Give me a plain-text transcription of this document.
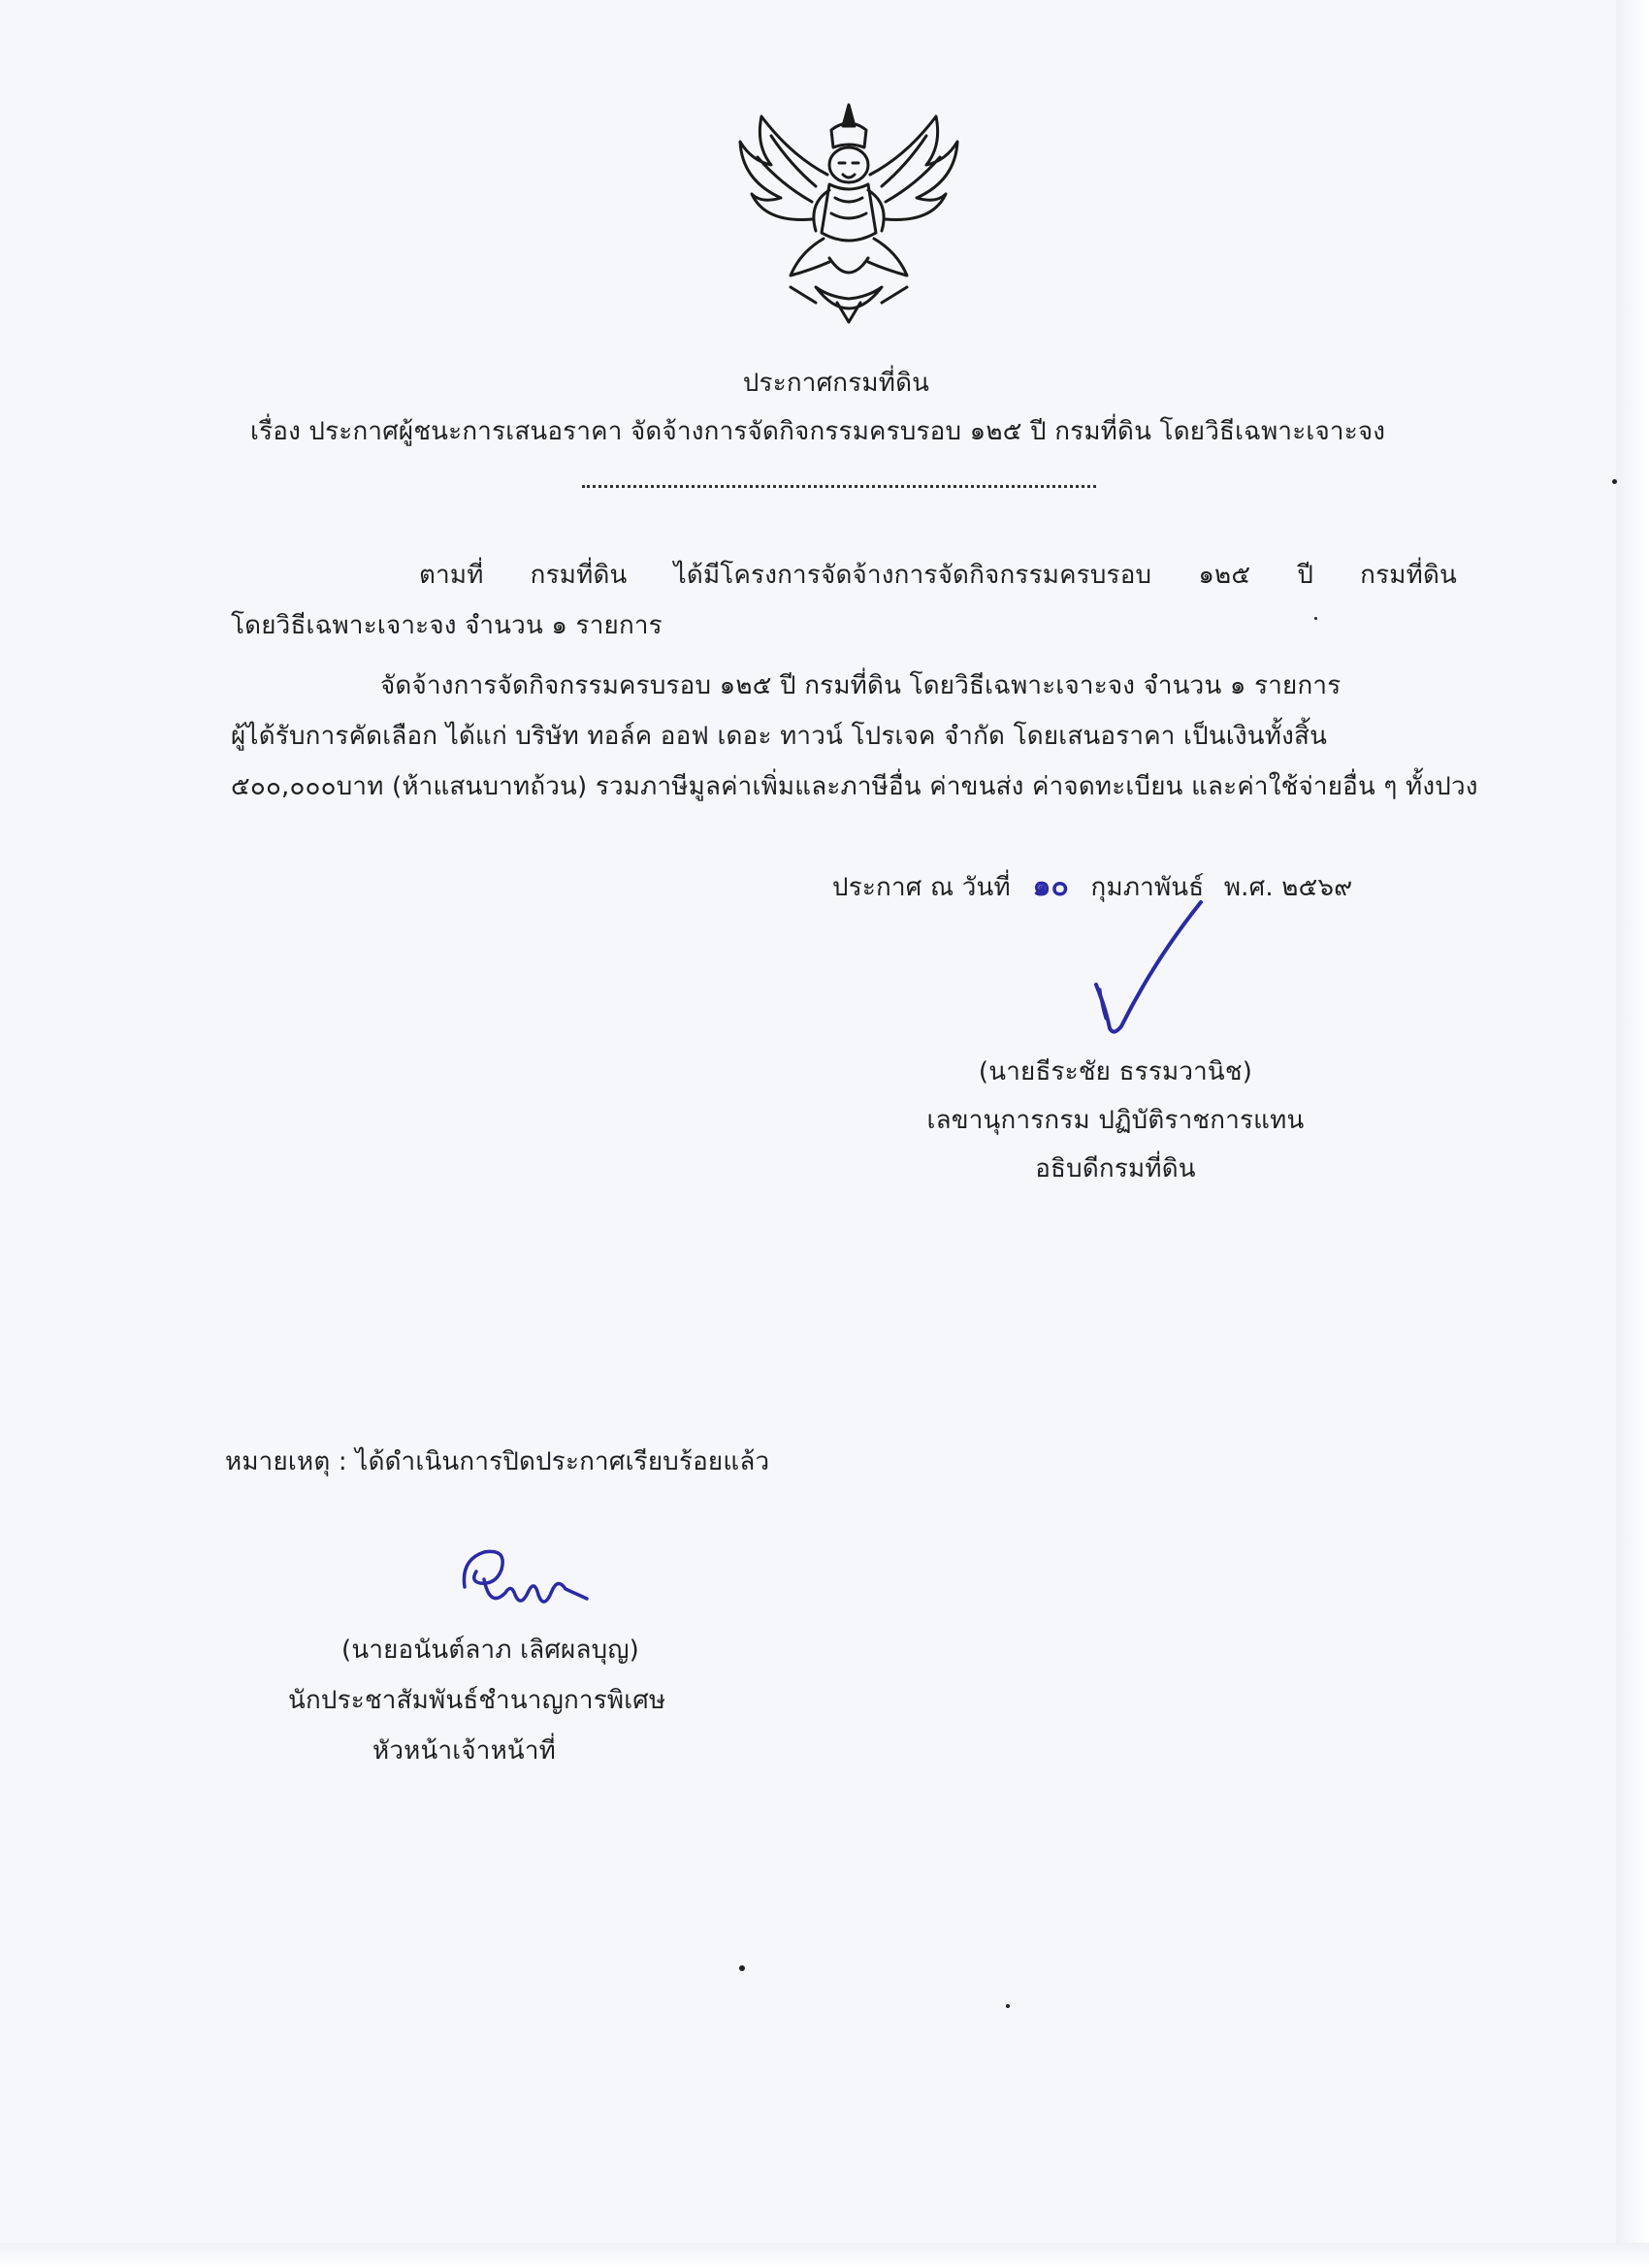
ประกาศกรมที่ดิน
เรื่อง ประกาศผู้ชนะการเสนอราคา จัดจ้างการจัดกิจกรรมครบรอบ ๑๒๕ ปี กรมที่ดิน โดยวิธีเฉพาะเจาะจง
ตามที่ กรมที่ดิน ได้มีโครงการจัดจ้างการจัดกิจกรรมครบรอบ ๑๒๕ ปี กรมที่ดิน
โดยวิธีเฉพาะเจาะจง จำนวน ๑ รายการ
จัดจ้างการจัดกิจกรรมครบรอบ ๑๒๕ ปี กรมที่ดิน โดยวิธีเฉพาะเจาะจง จำนวน ๑ รายการ
ผู้ได้รับการคัดเลือก ได้แก่ บริษัท ทอล์ค ออฟ เดอะ ทาวน์ โปรเจค จำกัด โดยเสนอราคา เป็นเงินทั้งสิ้น
๕๐๐,๐๐๐บาท (ห้าแสนบาทถ้วน) รวมภาษีมูลค่าเพิ่มและภาษีอื่น ค่าขนส่ง ค่าจดทะเบียน และค่าใช้จ่ายอื่น ๆ ทั้งปวง
ประกาศ ณ วันที่ ๑๐ กุมภาพันธ์ พ.ศ. ๒๕๖๙
(นายธีระชัย ธรรมวานิช)
เลขานุการกรม ปฏิบัติราชการแทน
อธิบดีกรมที่ดิน
หมายเหตุ : ได้ดำเนินการปิดประกาศเรียบร้อยแล้ว
(นายอนันต์ลาภ เลิศผลบุญ)
นักประชาสัมพันธ์ชำนาญการพิเศษ
หัวหน้าเจ้าหน้าที่
